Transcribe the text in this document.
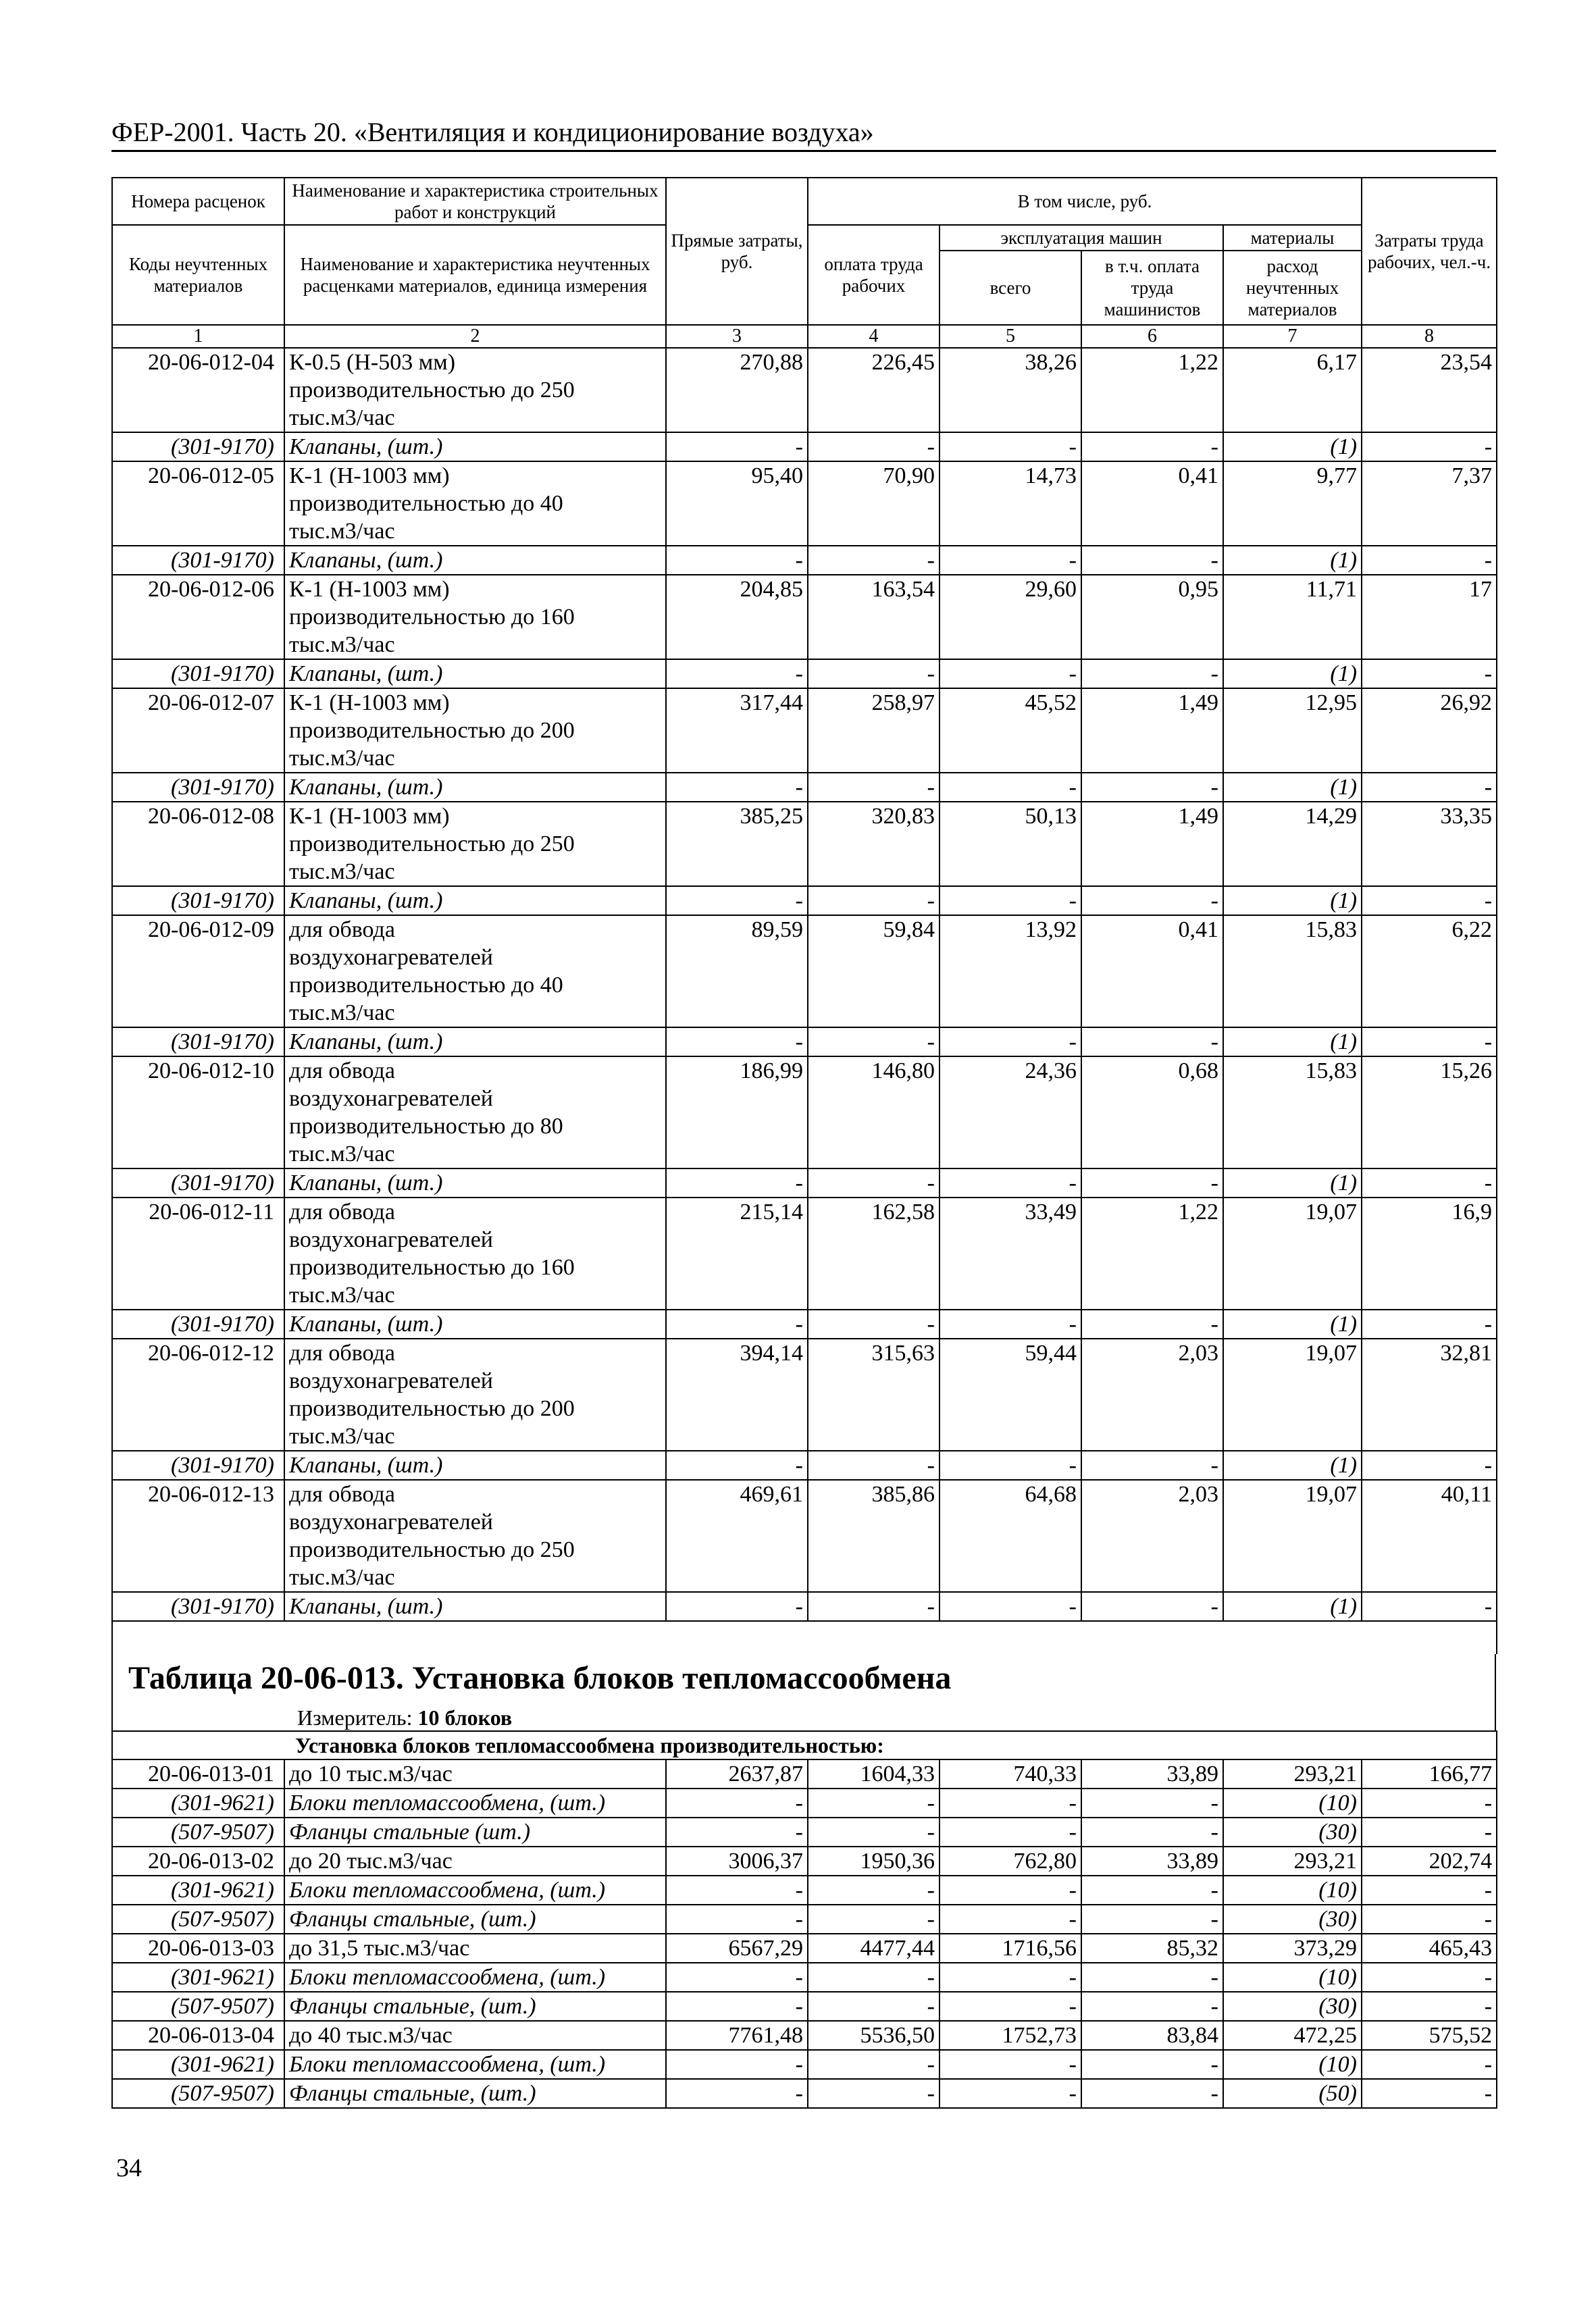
ФЕР-2001. Часть 20. «Вентиляция и кондиционирование воздуха»
Номера расценок	Наименование и характеристика строительных работ и конструкций	Прямые затраты, руб.	В том числе, руб.				Затраты труда рабочих, чел.-ч.
Коды неучтенных материалов	Наименование и характеристика неучтенных расценками материалов, единица измерения		оплата труда рабочих	эксплуатация машин		материалы	
				всего	в т.ч. оплата труда машинистов	расход неучтенных материалов	

1	2	3	4	5	6	7	8
20-06-012-04	К-0.5 (Н-503 мм)
производительностью до 250
тыс.м3/час	270,88	226,45	38,26	1,22	6,17	23,54
(301-9170)	Клапаны, (шт.)	-	-	-	-	(1)	-
20-06-012-05	К-1 (Н-1003 мм)
производительностью до 40
тыс.м3/час	95,40	70,90	14,73	0,41	9,77	7,37
(301-9170)	Клапаны, (шт.)	-	-	-	-	(1)	-
20-06-012-06	К-1 (Н-1003 мм)
производительностью до 160
тыс.м3/час	204,85	163,54	29,60	0,95	11,71	17
(301-9170)	Клапаны, (шт.)	-	-	-	-	(1)	-
20-06-012-07	К-1 (Н-1003 мм)
производительностью до 200
тыс.м3/час	317,44	258,97	45,52	1,49	12,95	26,92
(301-9170)	Клапаны, (шт.)	-	-	-	-	(1)	-
20-06-012-08	К-1 (Н-1003 мм)
производительностью до 250
тыс.м3/час	385,25	320,83	50,13	1,49	14,29	33,35
(301-9170)	Клапаны, (шт.)	-	-	-	-	(1)	-
20-06-012-09	для обвода
воздухонагревателей
производительностью до 40
тыс.м3/час	89,59	59,84	13,92	0,41	15,83	6,22
(301-9170)	Клапаны, (шт.)	-	-	-	-	(1)	-
20-06-012-10	для обвода
воздухонагревателей
производительностью до 80
тыс.м3/час	186,99	146,80	24,36	0,68	15,83	15,26
(301-9170)	Клапаны, (шт.)	-	-	-	-	(1)	-
20-06-012-11	для обвода
воздухонагревателей
производительностью до 160
тыс.м3/час	215,14	162,58	33,49	1,22	19,07	16,9
(301-9170)	Клапаны, (шт.)	-	-	-	-	(1)	-
20-06-012-12	для обвода
воздухонагревателей
производительностью до 200
тыс.м3/час	394,14	315,63	59,44	2,03	19,07	32,81
(301-9170)	Клапаны, (шт.)	-	-	-	-	(1)	-
20-06-012-13	для обвода
воздухонагревателей
производительностью до 250
тыс.м3/час	469,61	385,86	64,68	2,03	19,07	40,11
(301-9170)	Клапаны, (шт.)	-	-	-	-	(1)	-

Таблица 20-06-013. Установка блоков тепломассообмена
Измеритель: 10 блоков
Установка блоков тепломассообмена производительностью:							
20-06-013-01	до 10 тыс.м3/час	2637,87	1604,33	740,33	33,89	293,21	166,77
(301-9621)	Блоки тепломассообмена, (шт.)	-	-	-	-	(10)	-
(507-9507)	Фланцы стальные (шт.)	-	-	-	-	(30)	-
20-06-013-02	до 20 тыс.м3/час	3006,37	1950,36	762,80	33,89	293,21	202,74
(301-9621)	Блоки тепломассообмена, (шт.)	-	-	-	-	(10)	-
(507-9507)	Фланцы стальные, (шт.)	-	-	-	-	(30)	-
20-06-013-03	до 31,5 тыс.м3/час	6567,29	4477,44	1716,56	85,32	373,29	465,43
(301-9621)	Блоки тепломассообмена, (шт.)	-	-	-	-	(10)	-
(507-9507)	Фланцы стальные, (шт.)	-	-	-	-	(30)	-
20-06-013-04	до 40 тыс.м3/час	7761,48	5536,50	1752,73	83,84	472,25	575,52
(301-9621)	Блоки тепломассообмена, (шт.)	-	-	-	-	(10)	-
(507-9507)	Фланцы стальные, (шт.)	-	-	-	-	(50)	-
34
